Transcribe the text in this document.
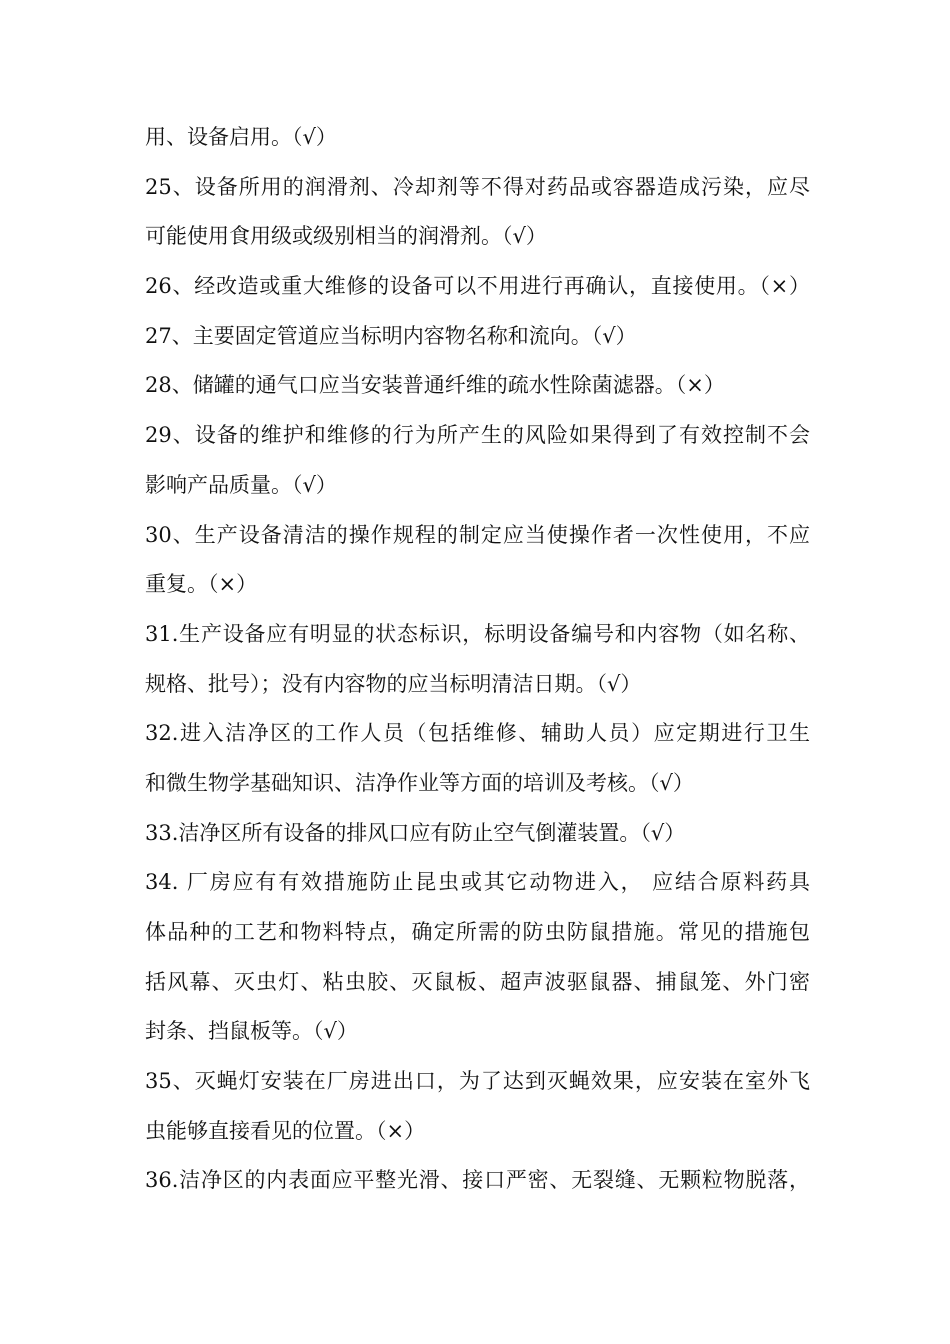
用、设备启用。（√）
25、设备所用的润滑剂、冷却剂等不得对药品或容器造成污染，应尽
可能使用食用级或级别相当的润滑剂。（√）
26、经改造或重大维修的设备可以不用进行再确认，直接使用。（×）
27、主要固定管道应当标明内容物名称和流向。（√）
28、储罐的通气口应当安装普通纤维的疏水性除菌滤器。（×）
29、设备的维护和维修的行为所产生的风险如果得到了有效控制不会
影响产品质量。（√）
30、生产设备清洁的操作规程的制定应当使操作者一次性使用，不应
重复。（×）
31.生产设备应有明显的状态标识，标明设备编号和内容物（如名称、
规格、批号）；没有内容物的应当标明清洁日期。（√）
32.进入洁净区的工作人员（包括维修、辅助人员）应定期进行卫生
和微生物学基础知识、洁净作业等方面的培训及考核。（√）
33.洁净区所有设备的排风口应有防止空气倒灌装置。（√）
34. 厂房应有有效措施防止昆虫或其它动物进入， 应结合原料药具
体品种的工艺和物料特点，确定所需的防虫防鼠措施。常见的措施包
括风幕、灭虫灯、粘虫胶、灭鼠板、超声波驱鼠器、捕鼠笼、外门密
封条、挡鼠板等。（√）
35、灭蝇灯安装在厂房进出口，为了达到灭蝇效果，应安装在室外飞
虫能够直接看见的位置。（×）
36.洁净区的内表面应平整光滑、接口严密、无裂缝、无颗粒物脱落，
